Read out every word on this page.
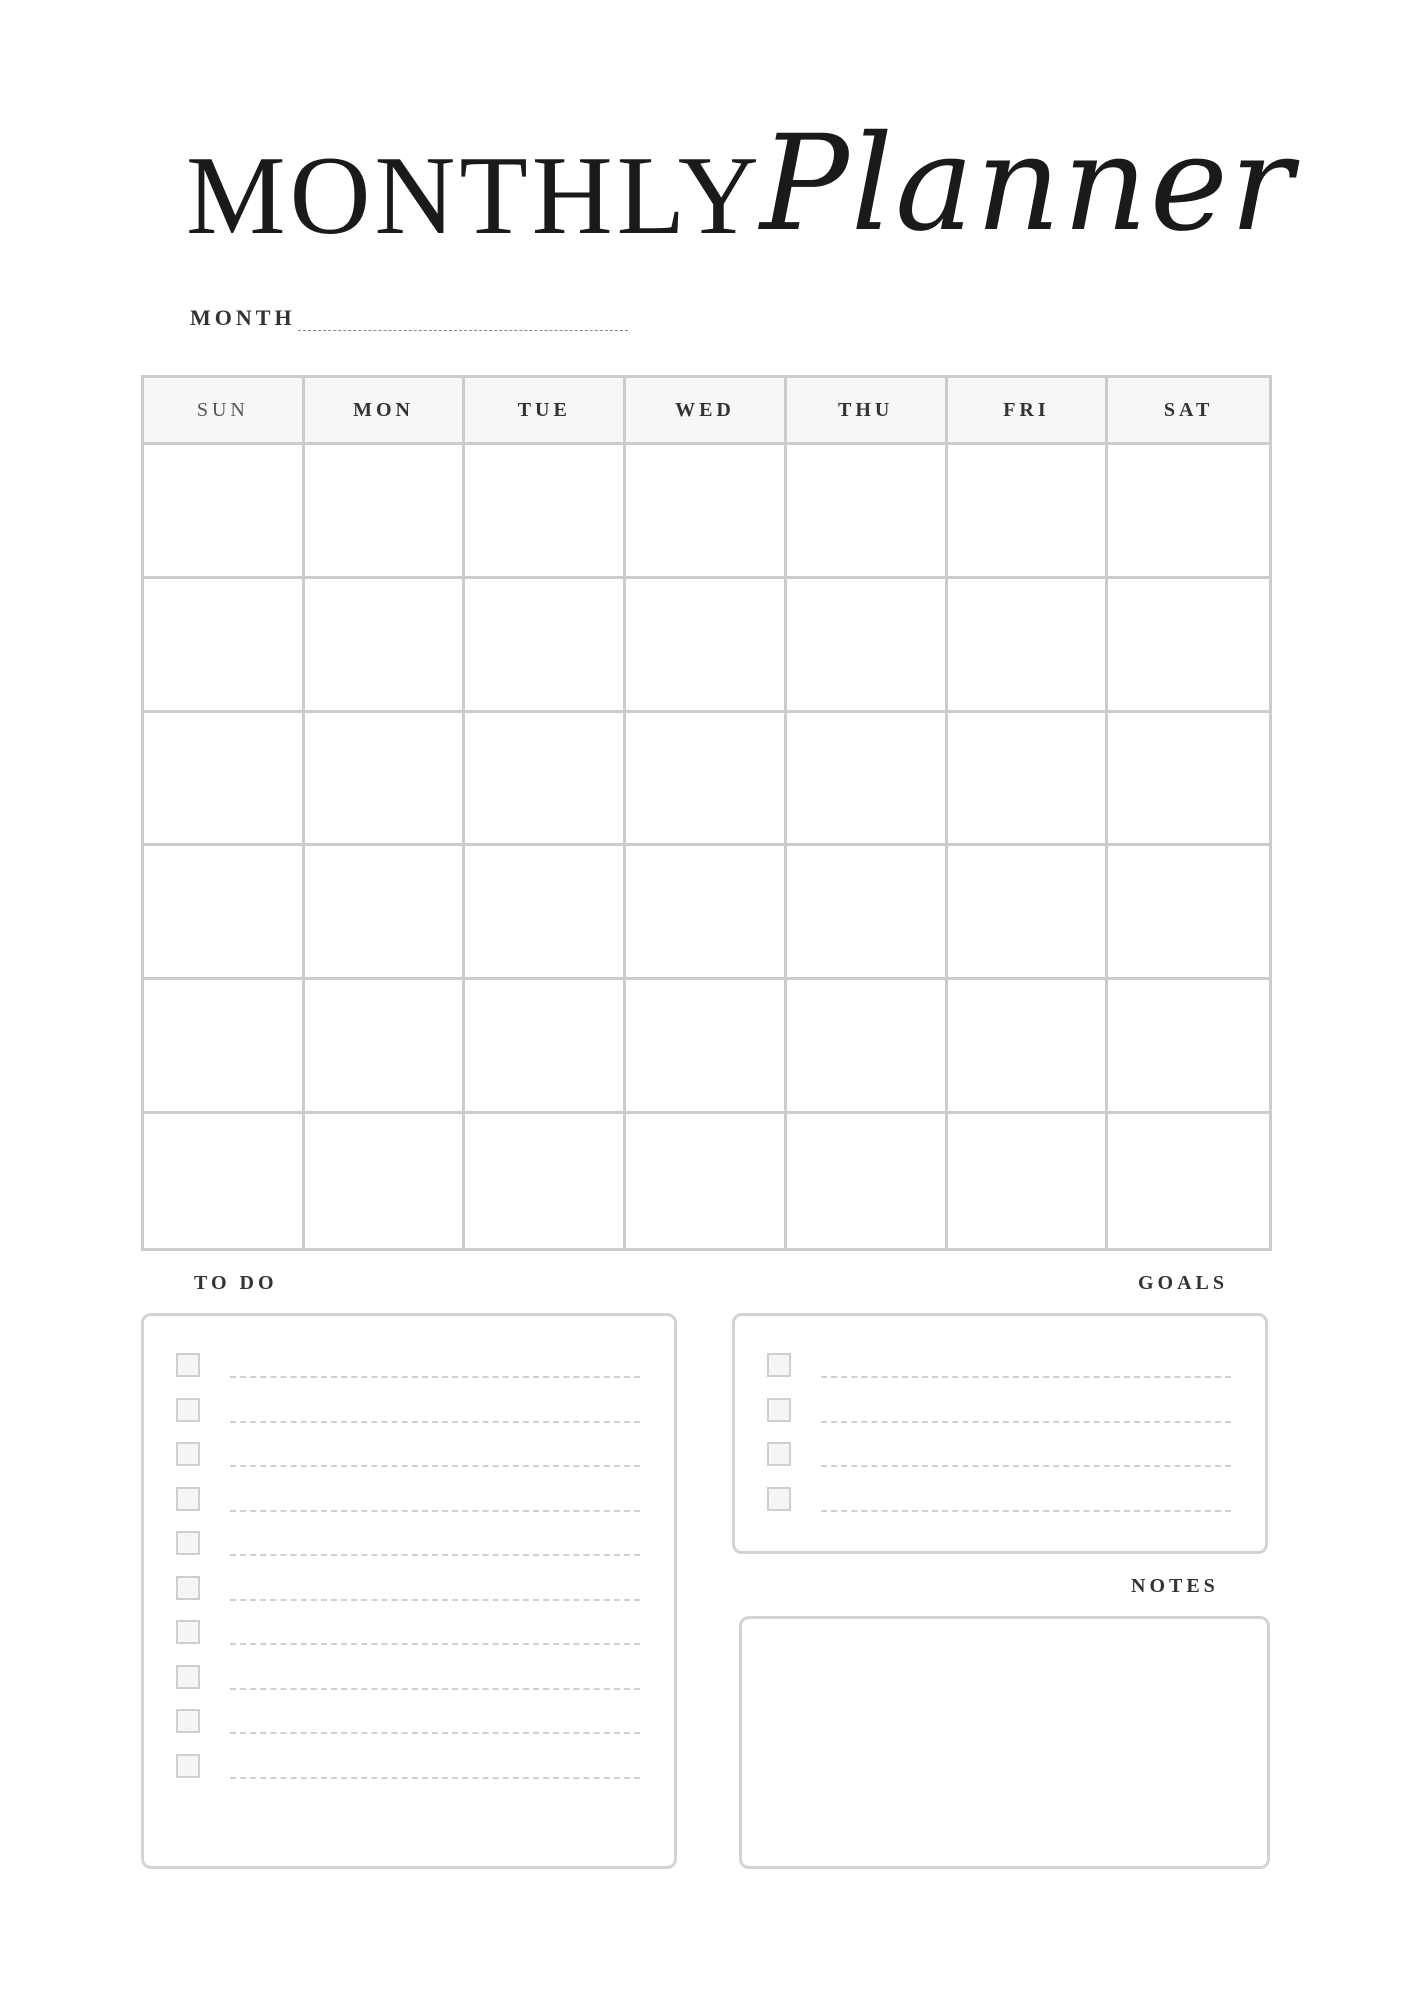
MONTHLY
Planner
MONTH
SUN	MON	TUE	WED	THU	FRI	SAT
TO DO	GOALS
NOTES
